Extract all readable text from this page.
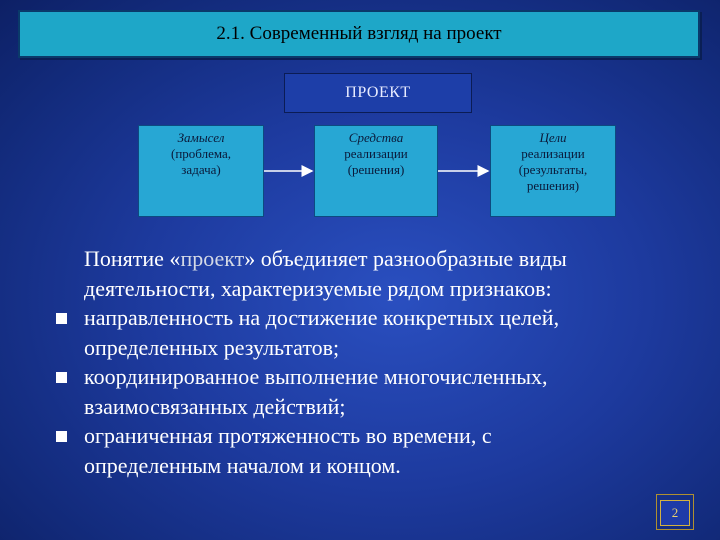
2.1. Современный взгляд на проект
ПРОЕКТ
Замысел
(проблема,
задача)
Средства
реализации
(решения)
Цели
реализации
(результаты,
решения)
Понятие «проект» объединяет разнообразные виды
деятельности, характеризуемые рядом признаков:
направленность на достижение конкретных целей,
определенных результатов;
координированное выполнение многочисленных,
взаимосвязанных действий;
ограниченная протяженность во времени, с
определенным началом и концом.
2
